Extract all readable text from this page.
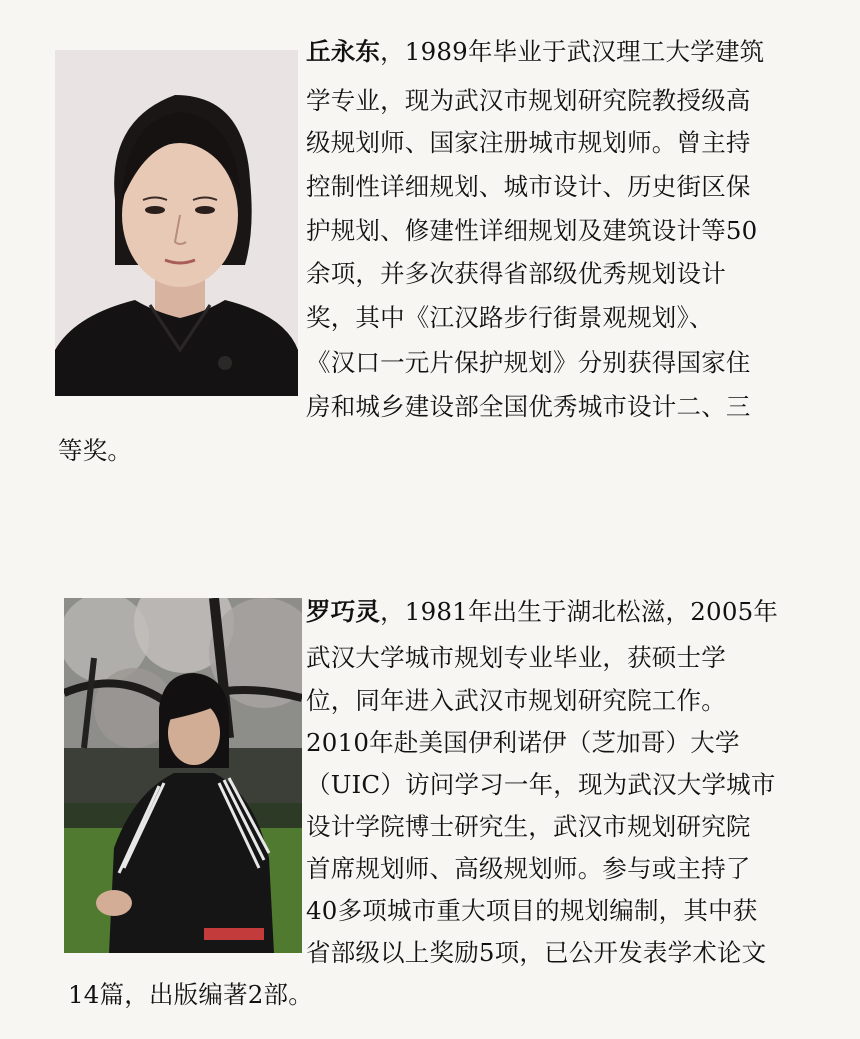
丘永东，1989年毕业于武汉理工大学建筑
学专业，现为武汉市规划研究院教授级高
级规划师、国家注册城市规划师。曾主持
控制性详细规划、城市设计、历史街区保
护规划、修建性详细规划及建筑设计等50
余项，并多次获得省部级优秀规划设计
奖，其中《江汉路步行街景观规划》、
《汉口一元片保护规划》分别获得国家住
房和城乡建设部全国优秀城市设计二、三
等奖。
罗巧灵，1981年出生于湖北松滋，2005年
武汉大学城市规划专业毕业，获硕士学
位，同年进入武汉市规划研究院工作。
2010年赴美国伊利诺伊（芝加哥）大学
（UIC）访问学习一年，现为武汉大学城市
设计学院博士研究生，武汉市规划研究院
首席规划师、高级规划师。参与或主持了
40多项城市重大项目的规划编制，其中获
省部级以上奖励5项，已公开发表学术论文
14篇，出版编著2部。
